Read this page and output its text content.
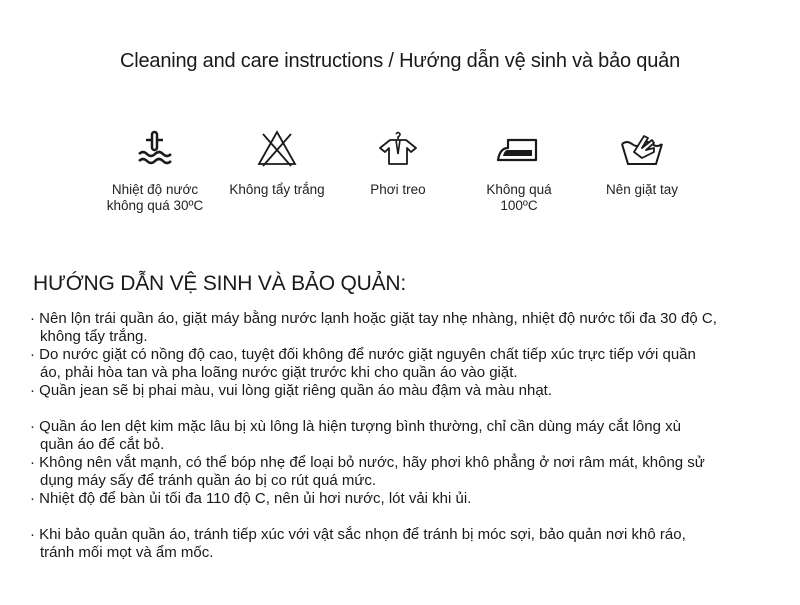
Cleaning and care instructions / Hướng dẫn vệ sinh và bảo quản
Nhiệt độ nước
không quá 30ºC
Không tẩy trắng	Phơi treo	Không quá
100ºC
Nên giặt tay
HƯỚNG DẪN VỆ SINH VÀ BẢO QUẢN:
· Nên lộn trái quần áo, giặt máy bằng nước lạnh hoặc giặt tay nhẹ nhàng, nhiệt độ nước tối đa 30 độ C,
không tẩy trắng.
· Do nước giặt có nồng độ cao, tuyệt đối không để nước giặt nguyên chất tiếp xúc trực tiếp với quần
áo, phải hòa tan và pha loãng nước giặt trước khi cho quần áo vào giặt.
· Quần jean sẽ bị phai màu, vui lòng giặt riêng quần áo màu đậm và màu nhạt.
· Quần áo len dệt kim mặc lâu bị xù lông là hiện tượng bình thường, chỉ cần dùng máy cắt lông xù
quần áo để cắt bỏ.
· Không nên vắt mạnh, có thể bóp nhẹ để loại bỏ nước, hãy phơi khô phẳng ở nơi râm mát, không sử
dụng máy sấy để tránh quần áo bị co rút quá mức.
· Nhiệt độ để bàn ủi tối đa 110 độ C, nên ủi hơi nước, lót vải khi ủi.
· Khi bảo quản quần áo, tránh tiếp xúc với vật sắc nhọn để tránh bị móc sợi, bảo quản nơi khô ráo,
tránh mối mọt và ẩm mốc.
